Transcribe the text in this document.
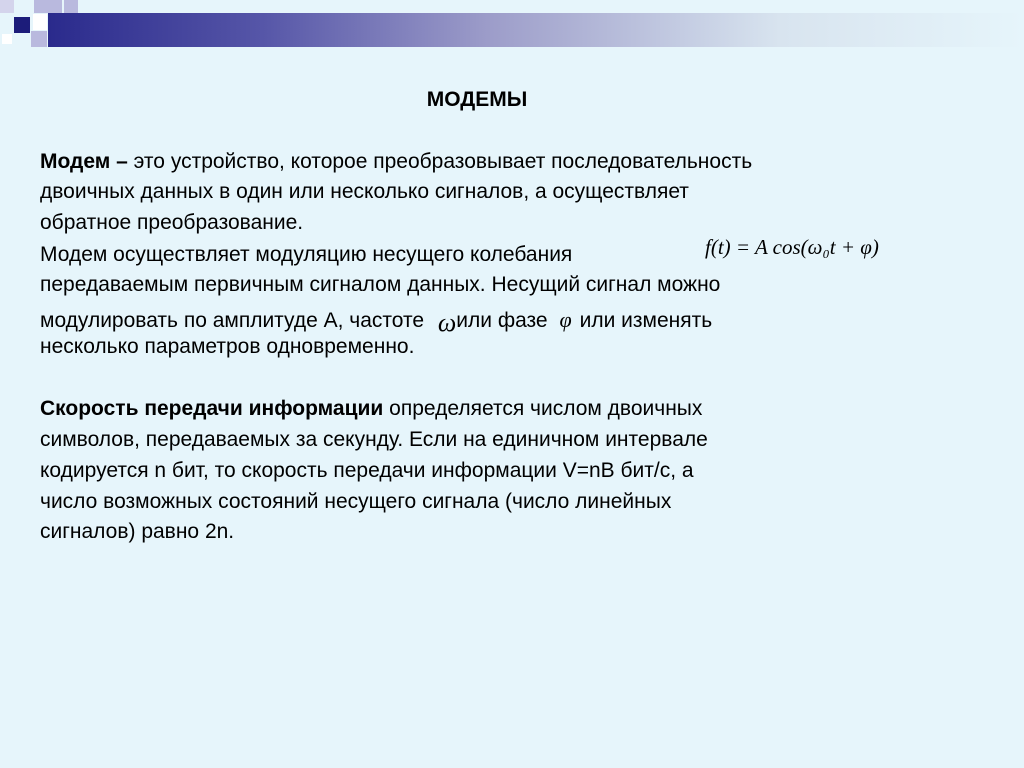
МОДЕМЫ
Модем – это устройство, которое преобразовывает последовательность
двоичных данных в один или несколько сигналов, а осуществляет
обратное преобразование.
Модем осуществляет модуляцию несущего колебания	f(t) = A cos(ω₀t + φ)
передаваемым первичным сигналом данных. Несущий сигнал можно
модулировать по амплитуде А, частоте ωили фазе φ или изменять
несколько параметров одновременно.
Скорость передачи информации определяется числом двоичных
символов, передаваемых за секунду. Если на единичном интервале
кодируется n бит, то скорость передачи информации V=nB бит/с, а
число возможных состояний несущего сигнала (число линейных
сигналов) равно 2n.
